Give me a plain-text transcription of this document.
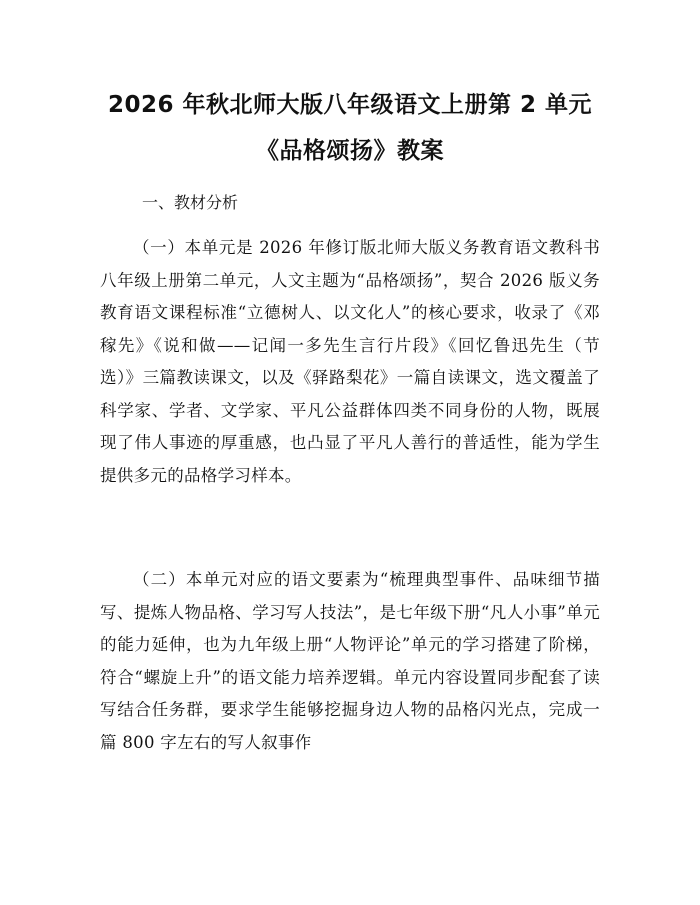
2026 年秋北师大版八年级语文上册第 2 单元
《品格颂扬》教案
一、教材分析

（一）本单元是 2026 年修订版北师大版义务教育语文教科书八年级上册第二单元，人文主题为“品格颂扬”，契合 2026 版义务教育语文课程标准“立德树人、以文化人”的核心要求，收录了《邓稼先》《说和做——记闻一多先生言行片段》《回忆鲁迅先生（节选）》三篇教读课文，以及《驿路梨花》一篇自读课文，选文覆盖了科学家、学者、文学家、平凡公益群体四类不同身份的人物，既展现了伟人事迹的厚重感，也凸显了平凡人善行的普适性，能为学生提供多元的品格学习样本。

（二）本单元对应的语文要素为“梳理典型事件、品味细节描写、提炼人物品格、学习写人技法”，是七年级下册“凡人小事”单元的能力延伸，也为九年级上册“人物评论”单元的学习搭建了阶梯，符合“螺旋上升”的语文能力培养逻辑。单元内容设置同步配套了读写结合任务群，要求学生能够挖掘身边人物的品格闪光点，完成一篇 800 字左右的写人叙事作
